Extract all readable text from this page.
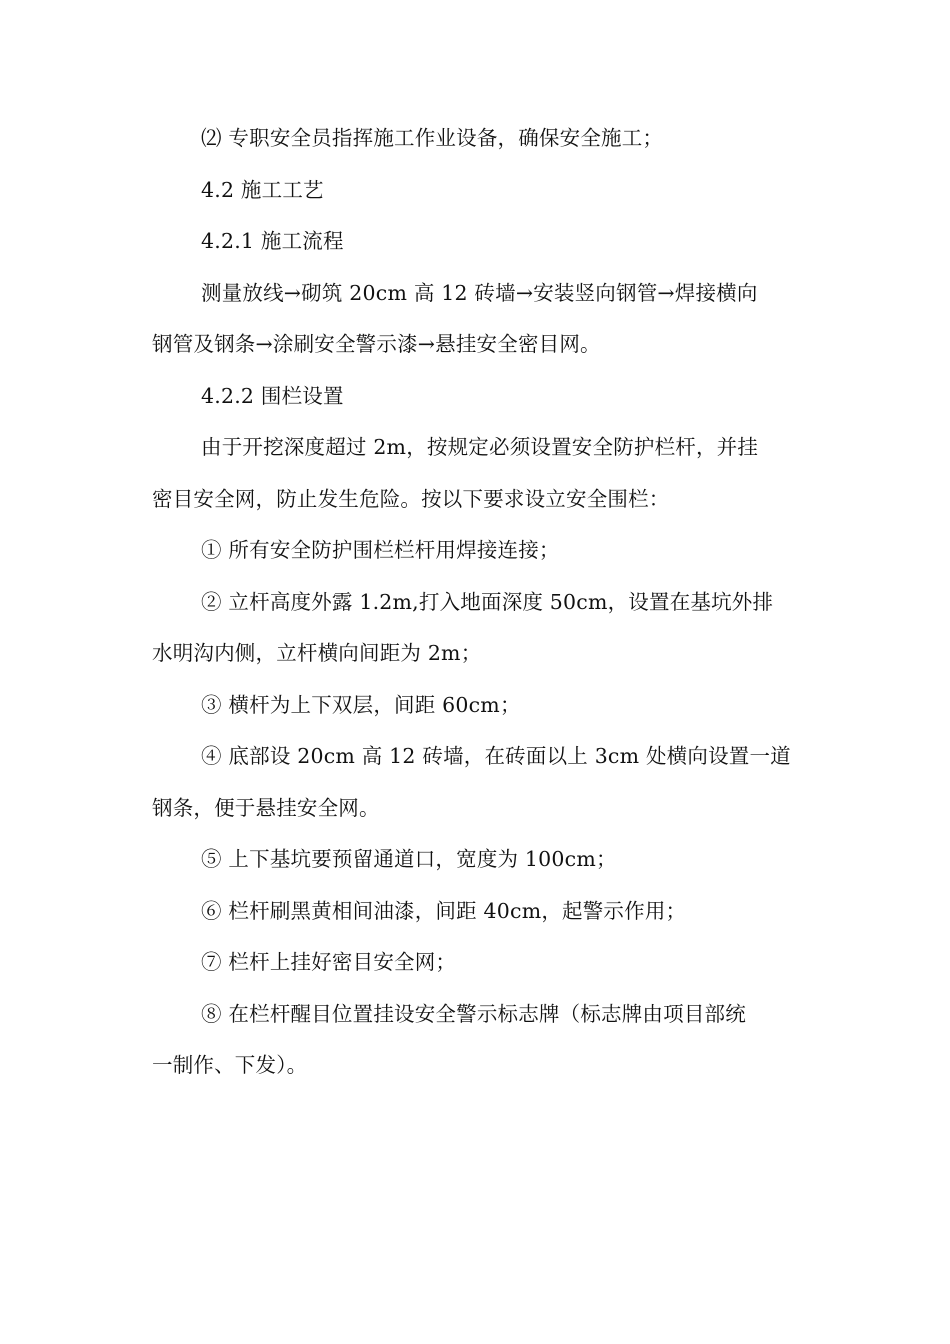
⑵ 专职安全员指挥施工作业设备，确保安全施工；
4.2 施工工艺
4.2.1 施工流程
测量放线→砌筑 20cm 高 12 砖墙→安装竖向钢管→焊接横向
钢管及钢条→涂刷安全警示漆→悬挂安全密目网。
4.2.2 围栏设置
由于开挖深度超过 2m，按规定必须设置安全防护栏杆，并挂
密目安全网，防止发生危险。按以下要求设立安全围栏：
① 所有安全防护围栏栏杆用焊接连接；
② 立杆高度外露 1.2m,打入地面深度 50cm，设置在基坑外排
水明沟内侧，立杆横向间距为 2m；
③ 横杆为上下双层，间距 60cm；
④ 底部设 20cm 高 12 砖墙，在砖面以上 3cm 处横向设置一道
钢条，便于悬挂安全网。
⑤ 上下基坑要预留通道口，宽度为 100cm；
⑥ 栏杆刷黑黄相间油漆，间距 40cm，起警示作用；
⑦ 栏杆上挂好密目安全网；
⑧ 在栏杆醒目位置挂设安全警示标志牌（标志牌由项目部统
一制作、下发）。
